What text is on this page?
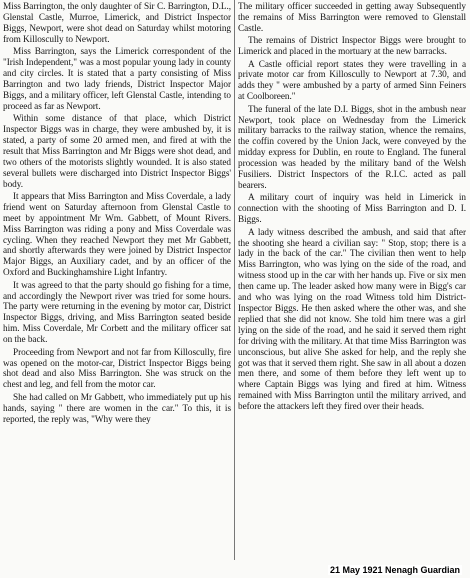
Miss Barrington, the only daughter of Sir C. Barrington, D.L., Glenstal Castle, Murroe, Limerick, and District Inspector Biggs, Newport, were shot dead on Saturday whilst motoring from Killoscully to Newport.

Miss Barrington, says the Limerick correspondent of the "Irish Independent," was a most popular young lady in county and city circles. It is stated that a party consisting of Miss Barrington and two lady friends, District Inspector Major Biggs, and a military officer, left Glenstal Castle, intending to proceed as far as Newport.

Within some distance of that place, which District Inspector Biggs was in charge, they were ambushed by, it is stated, a party of some 20 armed men, and fired at with the result that Miss Barrington and Mr Biggs were shot dead, and two others of the motorists slightly wounded. It is also stated several bullets were discharged into District Inspector Biggs' body.

It appears that Miss Barrington and Miss Coverdale, a lady friend went on Saturday afternoon from Glenstal Castle to meet by appointment Mr Wm. Gabbett, of Mount Rivers. Miss Barrington was riding a pony and Miss Coverdale was cycling. When they reached Newport they met Mr Gabbett, and shortly afterwards they were joined by District Inspector Major Biggs, an Auxiliary cadet, and by an officer of the Oxford and Buckinghamshire Light Infantry.

It was agreed to that the party should go fishing for a time, and accordingly the Newport river was tried for some hours. The party were returning in the evening by motor car, District Inspector Biggs, driving, and Miss Barrington seated beside him. Miss Coverdale, Mr Corbett and the military officer sat on the back.

Proceeding from Newport and not far from Killoscully, fire was opened on the motor-car, District Inspector Biggs being shot dead and also Miss Barrington. She was struck on the chest and leg, and fell from the motor car.

She had called on Mr Gabbett, who immediately put up his hands, saying " there are women in the car." To this, it is reported, the reply was, "Why were they

The military officer succeeded in getting away Subsequently the remains of Miss Barrington were removed to Glenstall Castle.

The remains of District Inspector Biggs were brought to Limerick and placed in the mortuary at the new barracks.

A Castle official report states they were travelling in a private motor car from Killoscully to Newport at 7.30, and adds they " were ambushed by a party of armed Sinn Feiners at Coolboreen."

The funeral of the late D.I. Biggs, shot in the ambush near Newport, took place on Wednesday from the Limerick military barracks to the railway station, whence the remains, the coffin covered by the Union Jack, were conveyed by the midday express for Dublin, en route to England. The funeral procession was headed by the military band of the Welsh Fusiliers. District Inspectors of the R.I.C. acted as pall bearers.

A military court of inquiry was held in Limerick in connection with the shooting of Miss Barrington and D. I. Biggs.

A lady witness described the ambush, and said that after the shooting she heard a civilian say: " Stop, stop; there is a lady in the back of the car." The civilian then went to help Miss Barrington, who was lying on the side of the road, and witness stood up in the car with her hands up. Five or six men then came up. The leader asked how many were in Bigg's car and who was lying on the road Witness told him District-Inspector Biggs. He then asked where the other was, and she replied that she did not know. She told him tnere was a girl lying on the side of the road, and he said it served them right for driving with the military. At that time Miss Barrington was unconscious, but alive She asked for help, and the reply she got was that it served them right. She saw in all about a dozen men there, and some of them before they left went up to where Captain Biggs was lying and fired at him. Witness remained with Miss Barrington until the military arrived, and before the attackers left they fired over their heads.

21 May 1921 Nenagh Guardian
